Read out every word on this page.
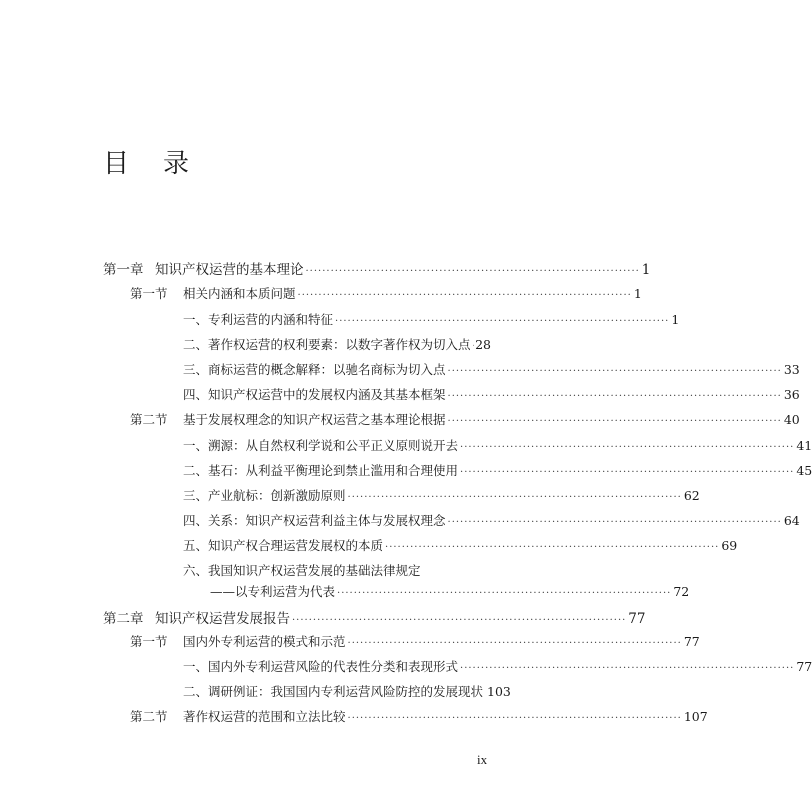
目 录
第一章 知识产权运营的基本理论 ················································································ 1
第一节	相关内涵和本质问题 ················································································ 1
一、专利运营的内涵和特征 ················································································ 1
二、著作权运营的权利要素：以数字著作权为切入点 28
三、商标运营的概念解释：以驰名商标为切入点 ················································································ 33
四、知识产权运营中的发展权内涵及其基本框架 ················································································ 36
第二节	基于发展权理念的知识产权运营之基本理论根据 ················································································ 40
一、溯源：从自然权利学说和公平正义原则说开去 ················································································ 41
二、基石：从利益平衡理论到禁止滥用和合理使用 ················································································ 45
三、产业航标：创新激励原则 ················································································ 62
四、关系：知识产权运营利益主体与发展权理念 ················································································ 64
五、知识产权合理运营发展权的本质 ················································································ 69
六、我国知识产权运营发展的基础法律规定
——以专利运营为代表 ················································································ 72
第二章 知识产权运营发展报告 ················································································ 77
第一节	国内外专利运营的模式和示范 ················································································ 77
一、国内外专利运营风险的代表性分类和表现形式 ················································································ 77
二、调研例证：我国国内专利运营风险防控的发展现状 103
第二节	著作权运营的范围和立法比较 ················································································ 107
ix
